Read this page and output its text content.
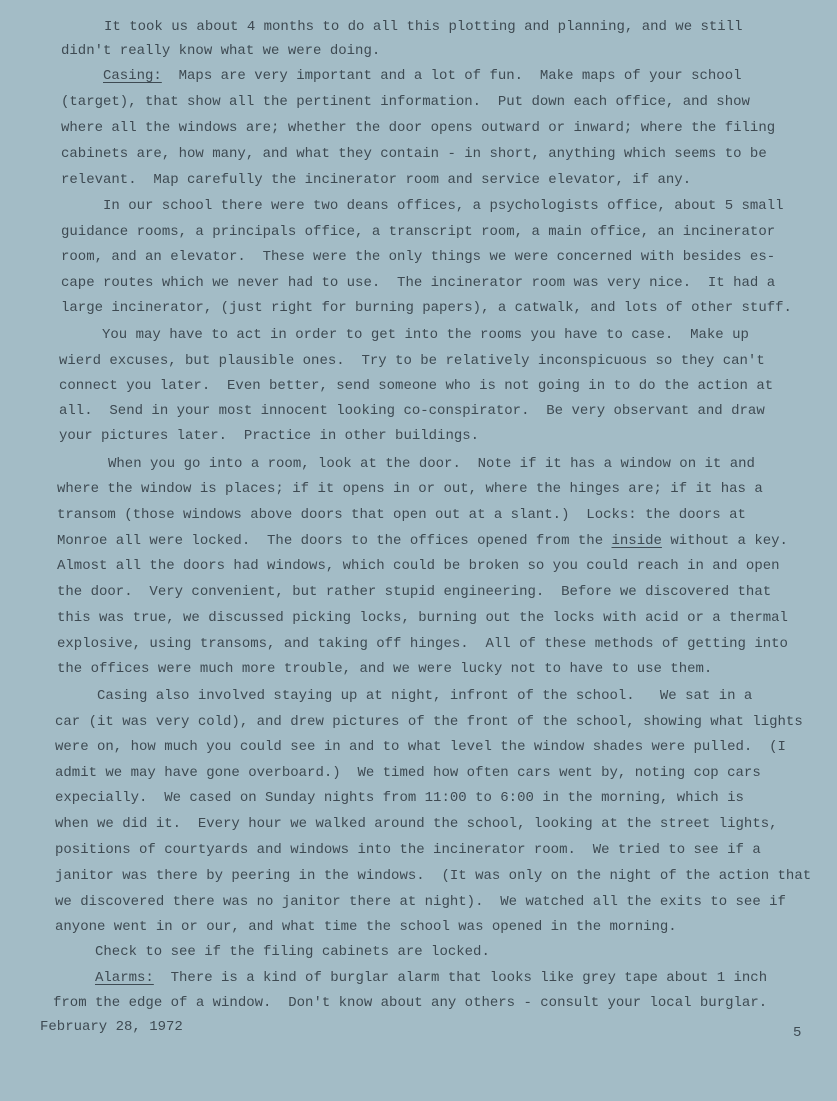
It took us about 4 months to do all this plotting and planning, and we still
didn't really know what we were doing.
Casing:  Maps are very important and a lot of fun.  Make maps of your school
(target), that show all the pertinent information.  Put down each office, and show
where all the windows are; whether the door opens outward or inward; where the filing
cabinets are, how many, and what they contain - in short, anything which seems to be
relevant.  Map carefully the incinerator room and service elevator, if any.
In our school there were two deans offices, a psychologists office, about 5 small
guidance rooms, a principals office, a transcript room, a main office, an incinerator
room, and an elevator.  These were the only things we were concerned with besides es-
cape routes which we never had to use.  The incinerator room was very nice.  It had a
large incinerator, (just right for burning papers), a catwalk, and lots of other stuff.
You may have to act in order to get into the rooms you have to case.  Make up
wierd excuses, but plausible ones.  Try to be relatively inconspicuous so they can't
connect you later.  Even better, send someone who is not going in to do the action at
all.  Send in your most innocent looking co-conspirator.  Be very observant and draw
your pictures later.  Practice in other buildings.
When you go into a room, look at the door.  Note if it has a window on it and
where the window is places; if it opens in or out, where the hinges are; if it has a
transom (those windows above doors that open out at a slant.)  Locks: the doors at
Monroe all were locked.  The doors to the offices opened from the inside without a key.
Almost all the doors had windows, which could be broken so you could reach in and open
the door.  Very convenient, but rather stupid engineering.  Before we discovered that
this was true, we discussed picking locks, burning out the locks with acid or a thermal
explosive, using transoms, and taking off hinges.  All of these methods of getting into
the offices were much more trouble, and we were lucky not to have to use them.
Casing also involved staying up at night, infront of the school.   We sat in a
car (it was very cold), and drew pictures of the front of the school, showing what lights
were on, how much you could see in and to what level the window shades were pulled.  (I
admit we may have gone overboard.)  We timed how often cars went by, noting cop cars
expecially.  We cased on Sunday nights from 11:00 to 6:00 in the morning, which is
when we did it.  Every hour we walked around the school, looking at the street lights,
positions of courtyards and windows into the incinerator room.  We tried to see if a
janitor was there by peering in the windows.  (It was only on the night of the action that
we discovered there was no janitor there at night).  We watched all the exits to see if
anyone went in or our, and what time the school was opened in the morning.
Check to see if the filing cabinets are locked.
Alarms:  There is a kind of burglar alarm that looks like grey tape about 1 inch
from the edge of a window.  Don't know about any others - consult your local burglar.
February 28, 1972	5
